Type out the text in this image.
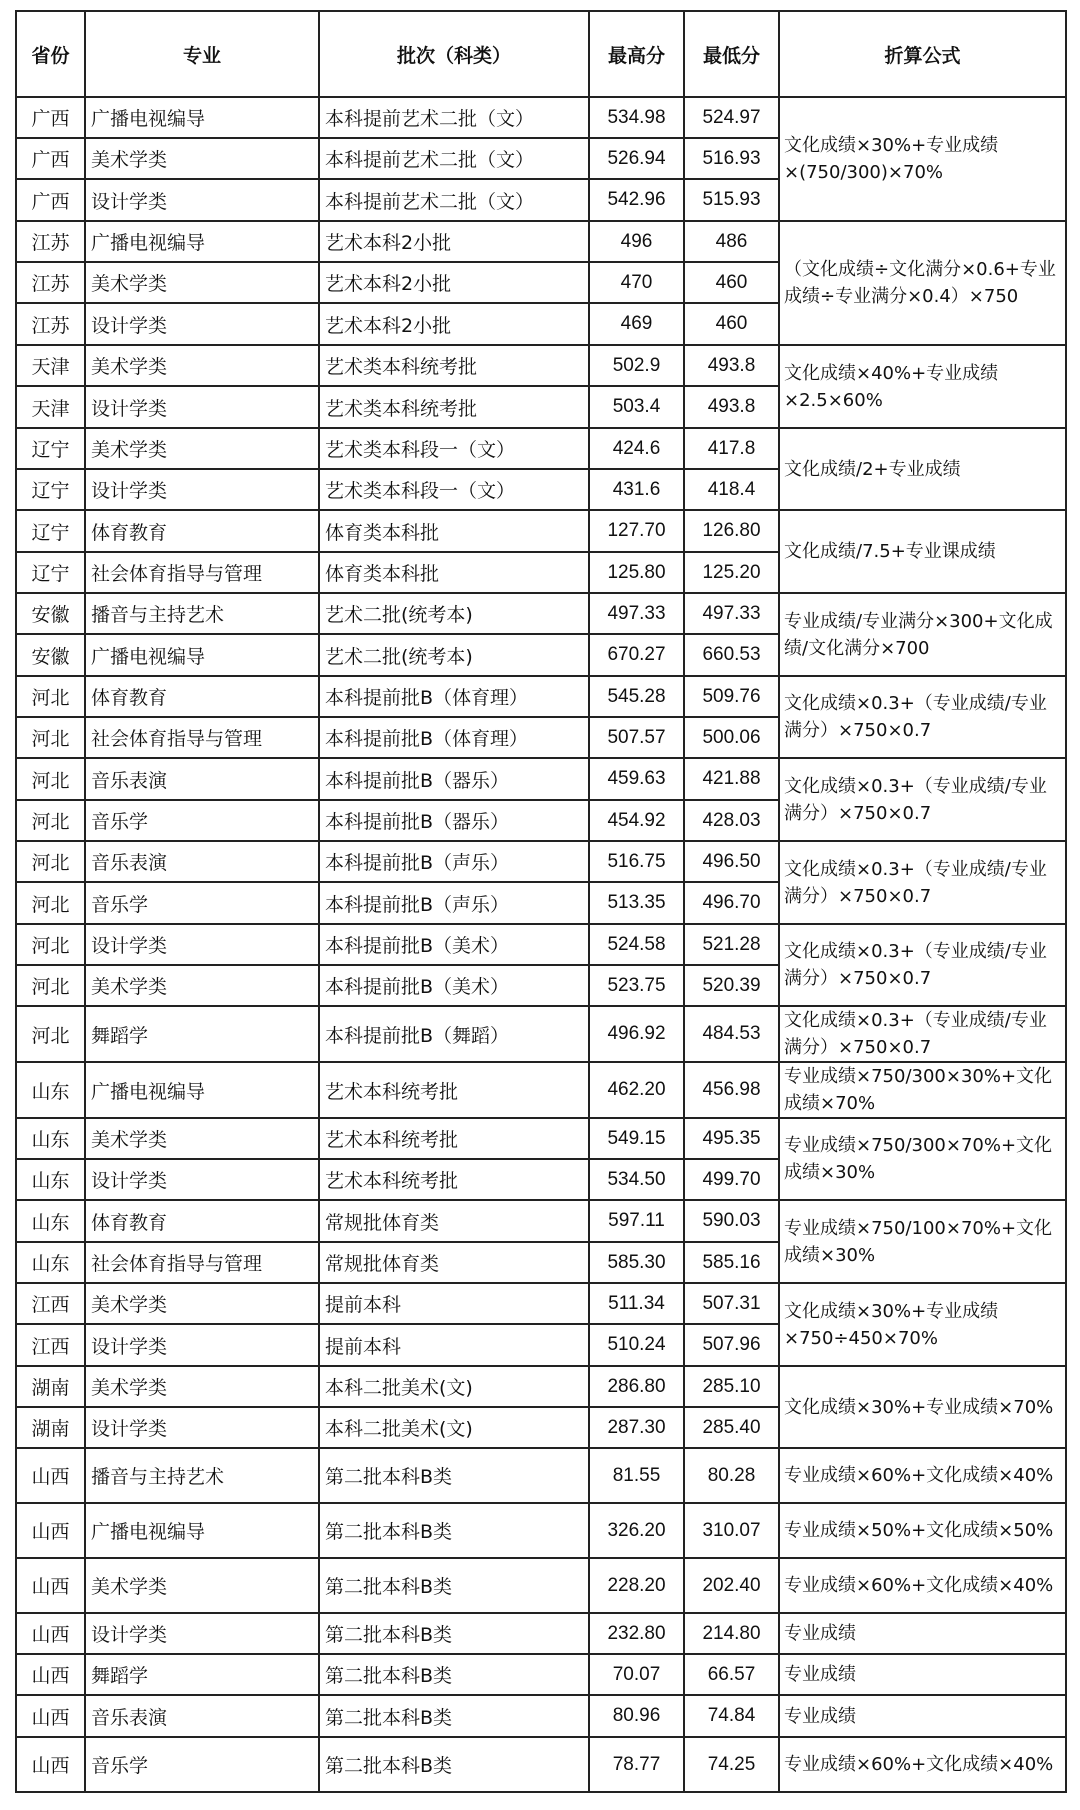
省份	专业	批次（科类）	最高分	最低分	折算公式
广西	广播电视编导	本科提前艺术二批（文）	534.98	524.97	文化成绩×30%+专业成绩×(750/300)×70%
广西	美术学类	本科提前艺术二批（文）	526.94	516.93	
广西	设计学类	本科提前艺术二批（文）	542.96	515.93	
江苏	广播电视编导	艺术本科2小批	496	486	（文化成绩÷文化满分×0.6+专业成绩÷专业满分×0.4）×750
江苏	美术学类	艺术本科2小批	470	460	
江苏	设计学类	艺术本科2小批	469	460	
天津	美术学类	艺术类本科统考批	502.9	493.8	文化成绩×40%+专业成绩×2.5×60%
天津	设计学类	艺术类本科统考批	503.4	493.8	
辽宁	美术学类	艺术类本科段一（文）	424.6	417.8	文化成绩/2+专业成绩
辽宁	设计学类	艺术类本科段一（文）	431.6	418.4	
辽宁	体育教育	体育类本科批	127.70	126.80	文化成绩/7.5+专业课成绩
辽宁	社会体育指导与管理	体育类本科批	125.80	125.20	
安徽	播音与主持艺术	艺术二批(统考本)	497.33	497.33	专业成绩/专业满分×300+文化成绩/文化满分×700
安徽	广播电视编导	艺术二批(统考本)	670.27	660.53	
河北	体育教育	本科提前批B（体育理）	545.28	509.76	文化成绩×0.3+（专业成绩/专业满分）×750×0.7
河北	社会体育指导与管理	本科提前批B（体育理）	507.57	500.06	
河北	音乐表演	本科提前批B（器乐）	459.63	421.88	文化成绩×0.3+（专业成绩/专业满分）×750×0.7
河北	音乐学	本科提前批B（器乐）	454.92	428.03	
河北	音乐表演	本科提前批B（声乐）	516.75	496.50	文化成绩×0.3+（专业成绩/专业满分）×750×0.7
河北	音乐学	本科提前批B（声乐）	513.35	496.70	
河北	设计学类	本科提前批B（美术）	524.58	521.28	文化成绩×0.3+（专业成绩/专业满分）×750×0.7
河北	美术学类	本科提前批B（美术）	523.75	520.39	
河北	舞蹈学	本科提前批B（舞蹈）	496.92	484.53	文化成绩×0.3+（专业成绩/专业满分）×750×0.7
山东	广播电视编导	艺术本科统考批	462.20	456.98	专业成绩×750/300×30%+文化成绩×70%
山东	美术学类	艺术本科统考批	549.15	495.35	专业成绩×750/300×70%+文化成绩×30%
山东	设计学类	艺术本科统考批	534.50	499.70	
山东	体育教育	常规批体育类	597.11	590.03	专业成绩×750/100×70%+文化成绩×30%
山东	社会体育指导与管理	常规批体育类	585.30	585.16	
江西	美术学类	提前本科	511.34	507.31	文化成绩×30%+专业成绩×750÷450×70%
江西	设计学类	提前本科	510.24	507.96	
湖南	美术学类	本科二批美术(文)	286.80	285.10	文化成绩×30%+专业成绩×70%
湖南	设计学类	本科二批美术(文)	287.30	285.40	
山西	播音与主持艺术	第二批本科B类	81.55	80.28	专业成绩×60%+文化成绩×40%
山西	广播电视编导	第二批本科B类	326.20	310.07	专业成绩×50%+文化成绩×50%
山西	美术学类	第二批本科B类	228.20	202.40	专业成绩×60%+文化成绩×40%
山西	设计学类	第二批本科B类	232.80	214.80	专业成绩
山西	舞蹈学	第二批本科B类	70.07	66.57	专业成绩
山西	音乐表演	第二批本科B类	80.96	74.84	专业成绩
山西	音乐学	第二批本科B类	78.77	74.25	专业成绩×60%+文化成绩×40%
